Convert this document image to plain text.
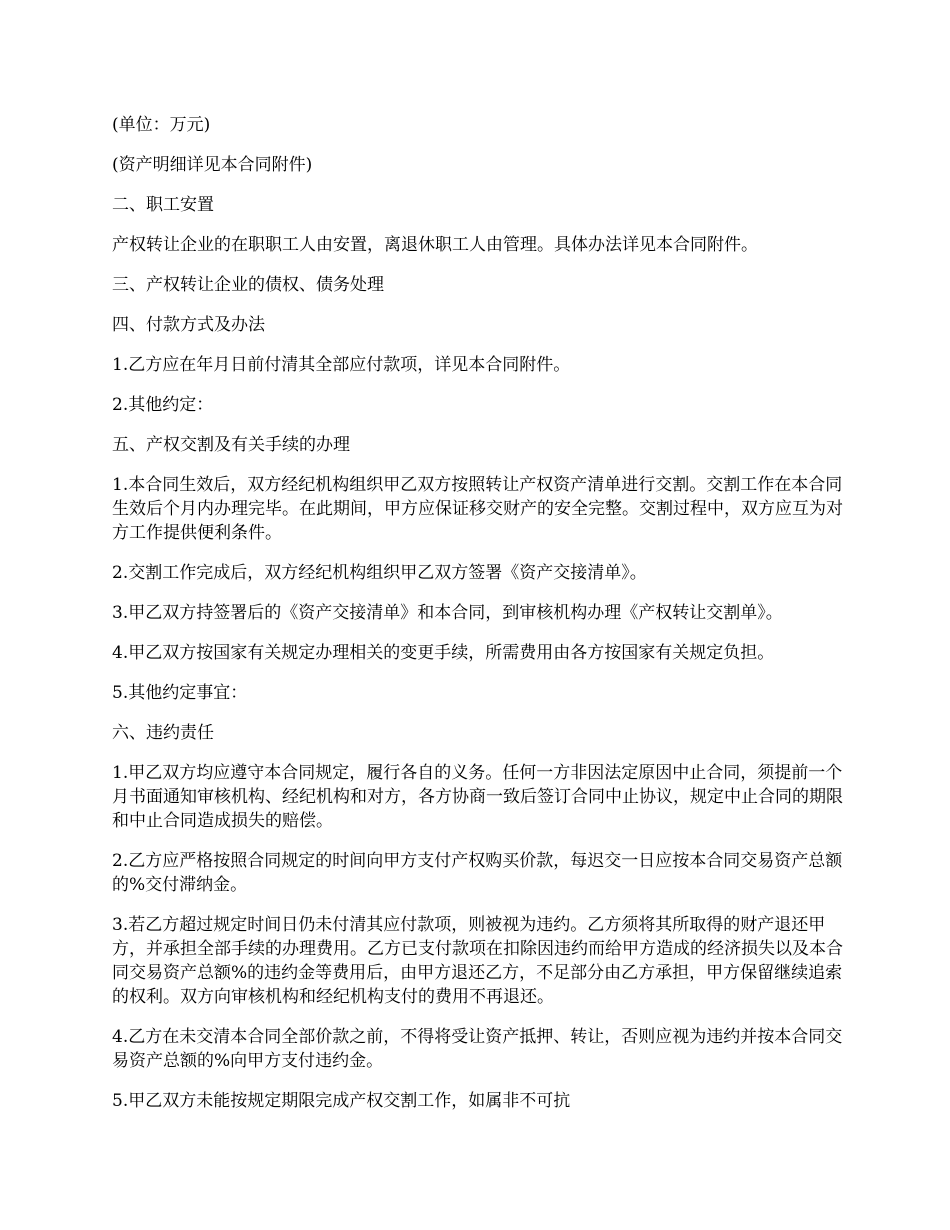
(单位：万元)

(资产明细详见本合同附件)

二、职工安置

产权转让企业的在职职工人由安置，离退休职工人由管理。具体办法详见本合同附件。

三、产权转让企业的债权、债务处理

四、付款方式及办法

1.乙方应在年月日前付清其全部应付款项，详见本合同附件。

2.其他约定：

五、产权交割及有关手续的办理

1.本合同生效后，双方经纪机构组织甲乙双方按照转让产权资产清单进行交割。交割工作在本合同生效后个月内办理完毕。在此期间，甲方应保证移交财产的安全完整。交割过程中，双方应互为对方工作提供便利条件。

2.交割工作完成后，双方经纪机构组织甲乙双方签署《资产交接清单》。

3.甲乙双方持签署后的《资产交接清单》和本合同，到审核机构办理《产权转让交割单》。

4.甲乙双方按国家有关规定办理相关的变更手续，所需费用由各方按国家有关规定负担。

5.其他约定事宜：

六、违约责任

1.甲乙双方均应遵守本合同规定，履行各自的义务。任何一方非因法定原因中止合同，须提前一个月书面通知审核机构、经纪机构和对方，各方协商一致后签订合同中止协议，规定中止合同的期限和中止合同造成损失的赔偿。

2.乙方应严格按照合同规定的时间向甲方支付产权购买价款，每迟交一日应按本合同交易资产总额的%交付滞纳金。

3.若乙方超过规定时间日仍未付清其应付款项，则被视为违约。乙方须将其所取得的财产退还甲方，并承担全部手续的办理费用。乙方已支付款项在扣除因违约而给甲方造成的经济损失以及本合同交易资产总额%的违约金等费用后，由甲方退还乙方，不足部分由乙方承担，甲方保留继续追索的权利。双方向审核机构和经纪机构支付的费用不再退还。

4.乙方在未交清本合同全部价款之前，不得将受让资产抵押、转让，否则应视为违约并按本合同交易资产总额的%向甲方支付违约金。

5.甲乙双方未能按规定期限完成产权交割工作，如属非不可抗
